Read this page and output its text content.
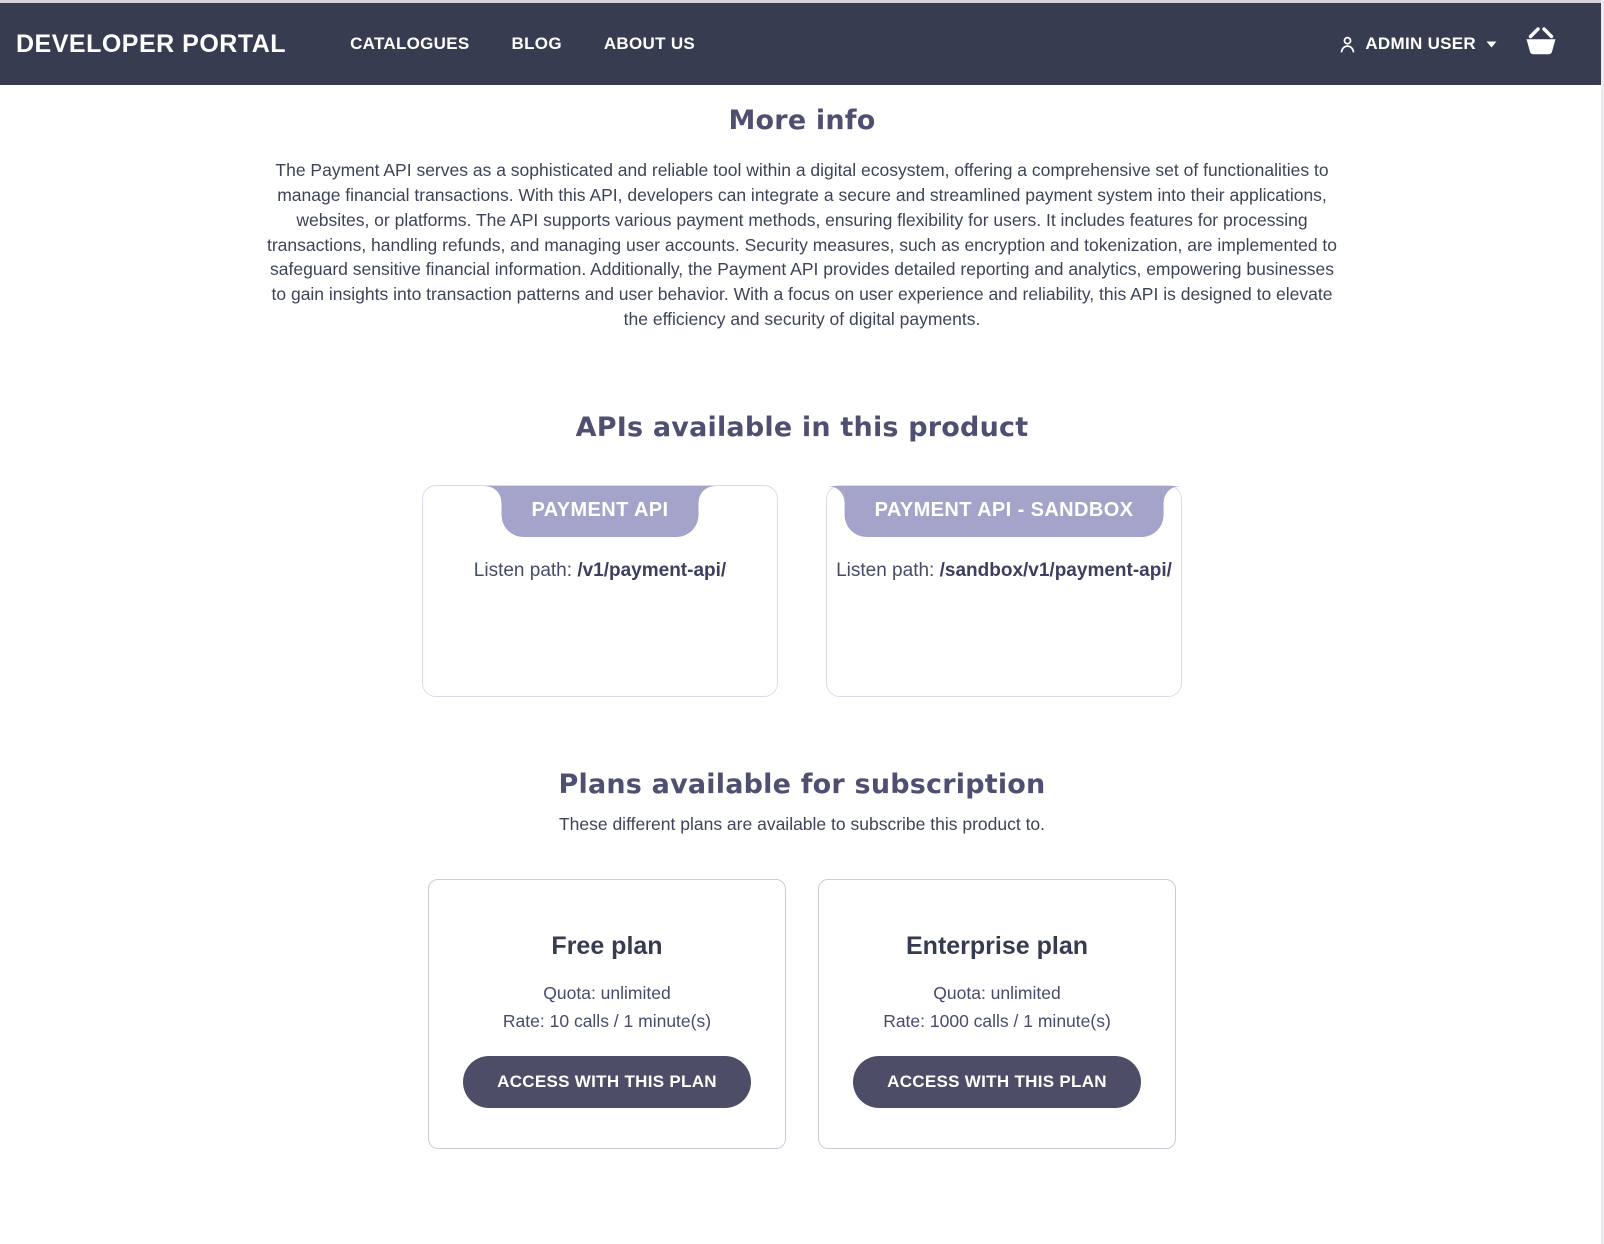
DEVELOPER PORTAL	CATALOGUES BLOG ABOUT US	ADMIN USER
More info

The Payment API serves as a sophisticated and reliable tool within a digital ecosystem, offering a comprehensive set of functionalities to manage financial transactions. With this API, developers can integrate a secure and streamlined payment system into their applications, websites, or platforms. The API supports various payment methods, ensuring flexibility for users. It includes features for processing transactions, handling refunds, and managing user accounts. Security measures, such as encryption and tokenization, are implemented to safeguard sensitive financial information. Additionally, the Payment API provides detailed reporting and analytics, empowering businesses to gain insights into transaction patterns and user behavior. With a focus on user experience and reliability, this API is designed to elevate the efficiency and security of digital payments.

APIs available in this product
PAYMENT API

Listen path: /v1/payment-api/

PAYMENT API - SANDBOX

Listen path: /sandbox/v1/payment-api/

Plans available for subscription

These different plans are available to subscribe this product to.

Free plan

Quota: unlimited

Rate: 10 calls / 1 minute(s)

ACCESS WITH THIS PLAN
Enterprise plan

Quota: unlimited

Rate: 1000 calls / 1 minute(s)

ACCESS WITH THIS PLAN
